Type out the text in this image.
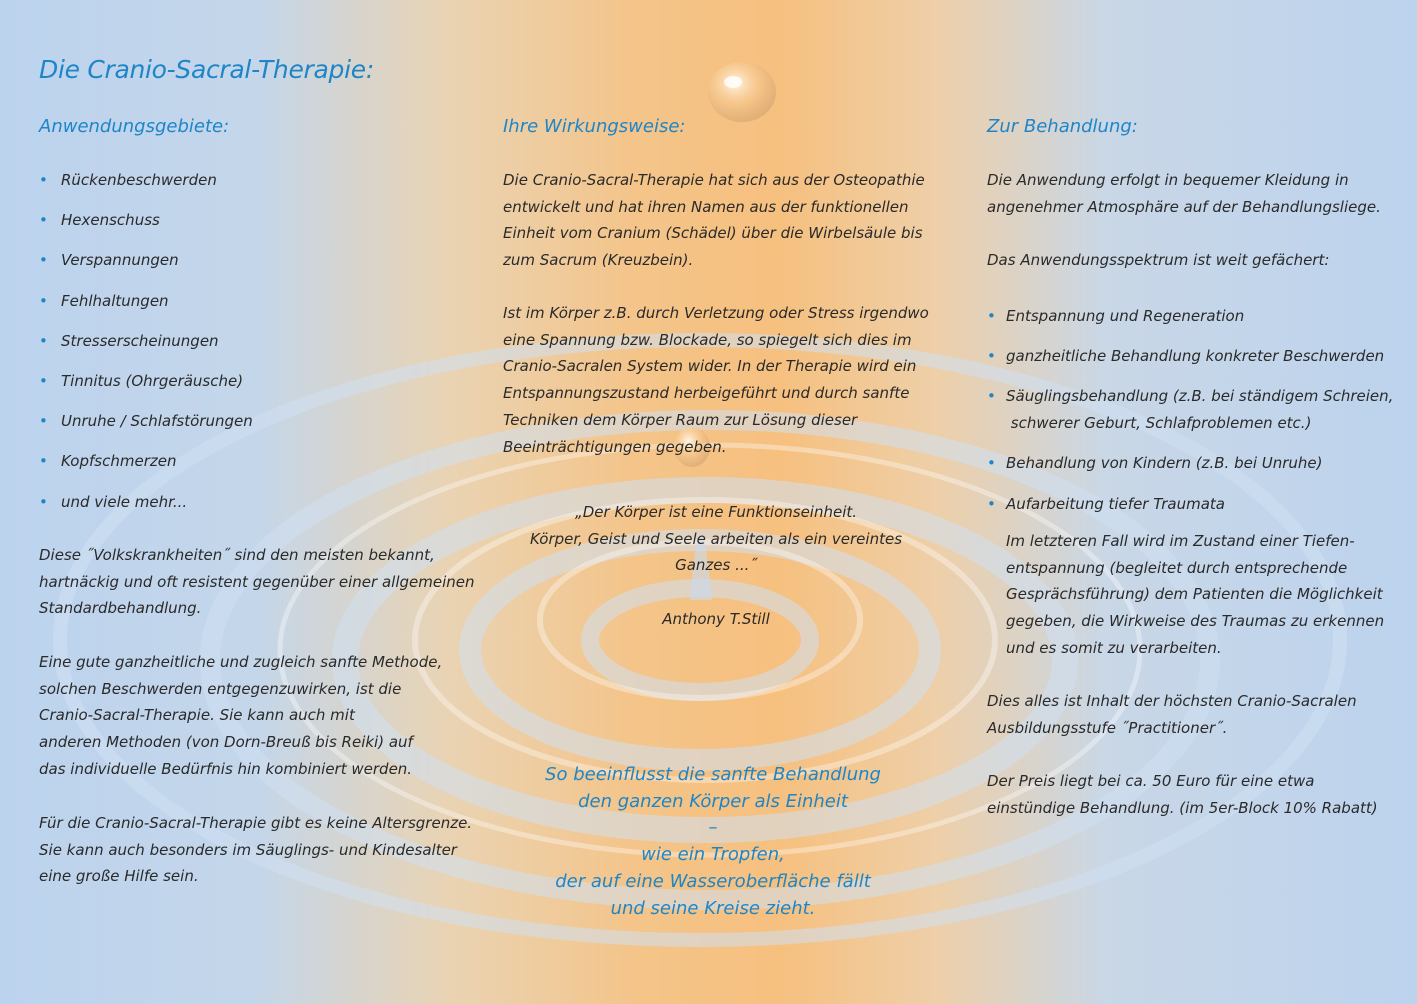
Die Cranio-Sacral-Therapie:
Anwendungsgebiete:
• Rückenbeschwerden
• Hexenschuss
• Verspannungen
• Fehlhaltungen
• Stresserscheinungen
• Tinnitus (Ohrgeräusche)
• Unruhe / Schlafstörungen
• Kopfschmerzen
• und viele mehr...

Diese ˝Volkskrankheiten˝ sind den meisten bekannt,
hartnäckig und oft resistent gegenüber einer allgemeinen
Standardbehandlung.

Eine gute ganzheitliche und zugleich sanfte Methode,
solchen Beschwerden entgegenzuwirken, ist die
Cranio-Sacral-Therapie. Sie kann auch mit
anderen Methoden (von Dorn-Breuß bis Reiki) auf
das individuelle Bedürfnis hin kombiniert werden.

Für die Cranio-Sacral-Therapie gibt es keine Altersgrenze.
Sie kann auch besonders im Säuglings- und Kindesalter
eine große Hilfe sein.

Ihre Wirkungsweise:

Die Cranio-Sacral-Therapie hat sich aus der Osteopathie
entwickelt und hat ihren Namen aus der funktionellen
Einheit vom Cranium (Schädel) über die Wirbelsäule bis
zum Sacrum (Kreuzbein).

Ist im Körper z.B. durch Verletzung oder Stress irgendwo
eine Spannung bzw. Blockade, so spiegelt sich dies im
Cranio-Sacralen System wider. In der Therapie wird ein
Entspannungszustand herbeigeführt und durch sanfte
Techniken dem Körper Raum zur Lösung dieser
Beeinträchtigungen gegeben.

„Der Körper ist eine Funktionseinheit.
Körper, Geist und Seele arbeiten als ein vereintes
Ganzes ...˝
Anthony T.Still
So beeinflusst die sanfte Behandlung
den ganzen Körper als Einheit
–
wie ein Tropfen,
der auf eine Wasseroberfläche fällt
und seine Kreise zieht.
Zur Behandlung:

Die Anwendung erfolgt in bequemer Kleidung in
angenehmer Atmosphäre auf der Behandlungsliege.

Das Anwendungsspektrum ist weit gefächert:

• Entspannung und Regeneration
• ganzheitliche Behandlung konkreter Beschwerden
• Säuglingsbehandlung (z.B. bei ständigem Schreien,
schwerer Geburt, Schlafproblemen etc.)
• Behandlung von Kindern (z.B. bei Unruhe)
• Aufarbeitung tiefer Traumata

Im letzteren Fall wird im Zustand einer Tiefen-
entspannung (begleitet durch entsprechende
Gesprächsführung) dem Patienten die Möglichkeit
gegeben, die Wirkweise des Traumas zu erkennen
und es somit zu verarbeiten.

Dies alles ist Inhalt der höchsten Cranio-Sacralen
Ausbildungsstufe ˝Practitioner˝.

Der Preis liegt bei ca. 50 Euro für eine etwa
einstündige Behandlung. (im 5er-Block 10% Rabatt)
